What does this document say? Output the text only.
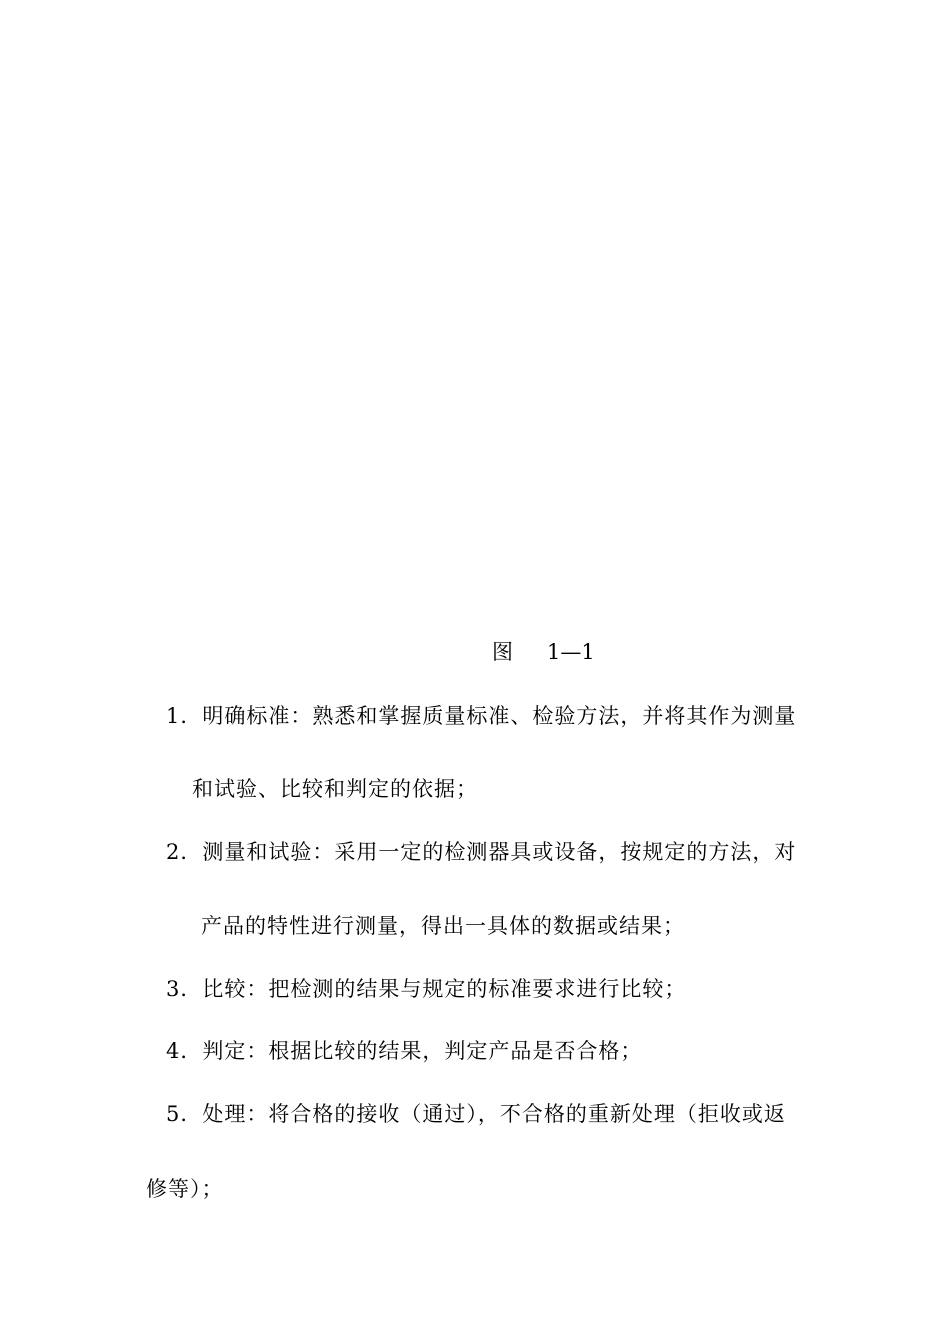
图 1—1
1．明确标准：熟悉和掌握质量标准、检验方法，并将其作为测量
和试验、比较和判定的依据；
2．测量和试验：采用一定的检测器具或设备，按规定的方法，对
产品的特性进行测量，得出一具体的数据或结果；
3．比较：把检测的结果与规定的标准要求进行比较；
4．判定：根据比较的结果，判定产品是否合格；
5．处理：将合格的接收（通过），不合格的重新处理（拒收或返
修等）；
